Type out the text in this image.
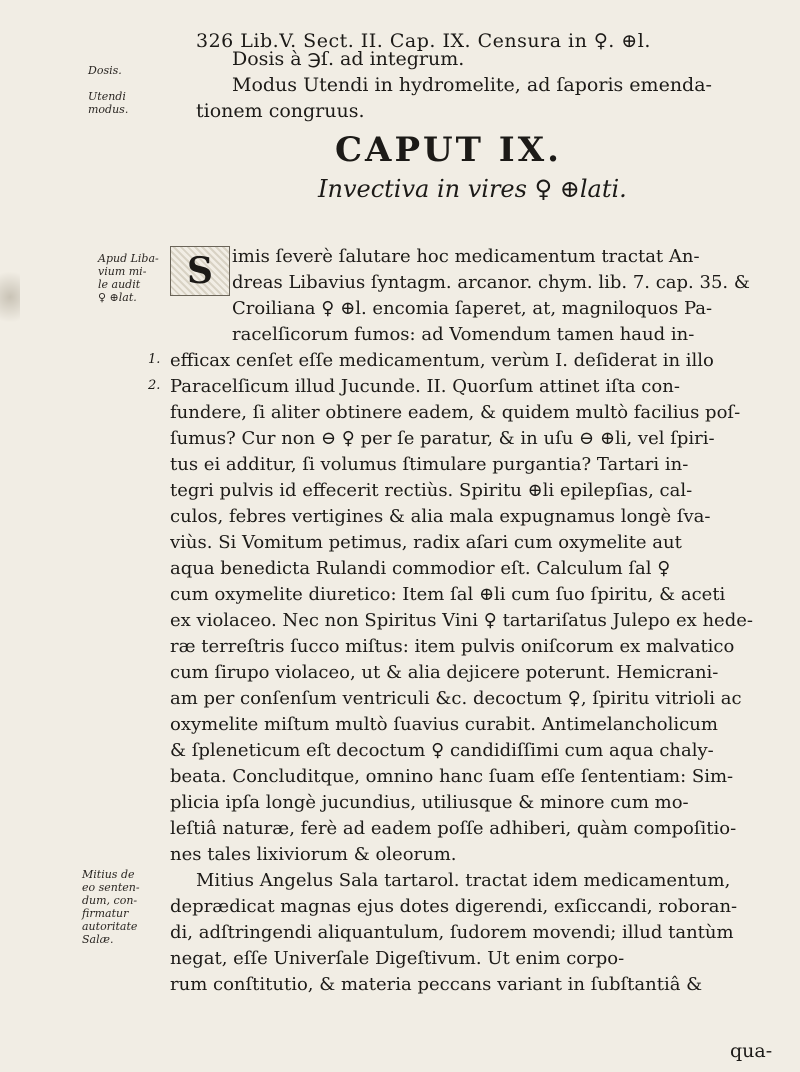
326 Lib.V. Sect. II. Cap. IX. Censura in ♀. ⊕l.
Dosis.
Utendi
modus.
Dosis à ℈ſ. ad integrum.
Modus Utendi in hydromelite, ad ſaporis emenda-
tionem congruus.
CAPUT IX.
Invectiva in vires ♀ ⊕lati.
Apud Liba-
vium mi-
le audit
♀ ⊕lat.
S	imis ſeverè ſalutare hoc medicamentum tractat An-
dreas Libavius ſyntagm. arcanor. chym. lib. 7. cap. 35. &
Croiliana ♀ ⊕l. encomia ſaperet, at, magniloquos Pa-
racelſicorum fumos: ad Vomendum tamen haud in-
1.
2.
efficax cenſet eſſe medicamentum, verùm I. deſiderat in illo
Paracelſicum illud Jucunde. II. Quorſum attinet iſta con-
fundere, ſi aliter obtinere eadem, & quidem multò facilius poſ-
ſumus? Cur non ⊖ ♀ per ſe paratur, & in uſu ⊖ ⊕li, vel ſpiri-
tus ei additur, ſi volumus ſtimulare purgantia? Tartari in-
tegri pulvis id effecerit rectiùs. Spiritu ⊕li epilepſias, cal-
culos, febres vertigines & alia mala expugnamus longè ſva-
viùs. Si Vomitum petimus, radix aſari cum oxymelite aut
aqua benedicta Rulandi commodior eſt. Calculum ſal ♀
cum oxymelite diuretico: Item ſal ⊕li cum ſuo ſpiritu, & aceti
ex violaceo. Nec non Spiritus Vini ♀ tartariſatus Julepo ex hede-
ræ terreſtris ſucco miſtus: item pulvis oniſcorum ex malvatico
cum ſirupo violaceo, ut & alia dejicere poterunt. Hemicrani-
am per conſenſum ventriculi &c. decoctum ♀, ſpiritu vitrioli ac
oxymelite miſtum multò ſuavius curabit. Antimelancholicum
& ſpleneticum eſt decoctum ♀ candidiſſimi cum aqua chaly-
beata. Concluditque, omnino hanc ſuam eſſe ſententiam: Sim-
plicia ipſa longè jucundius, utiliusque & minore cum mo-
leſtiâ naturæ, ferè ad eadem poſſe adhiberi, quàm compoſitio-
nes tales lixiviorum & oleorum.
Mitius Angelus Sala tartarol. tractat idem medicamentum,
deprædicat magnas ejus dotes digerendi, exſiccandi, roboran-
di, adſtringendi aliquantulum, ſudorem movendi; illud tantùm
negat, eſſe Univerſale Digeſtivum. Ut enim corpo-
rum conſtitutio, & materia peccans variant in ſubſtantiâ &
Mitius de
eo senten-
dum, con-
firmatur
autoritate
Salæ.
qua-
